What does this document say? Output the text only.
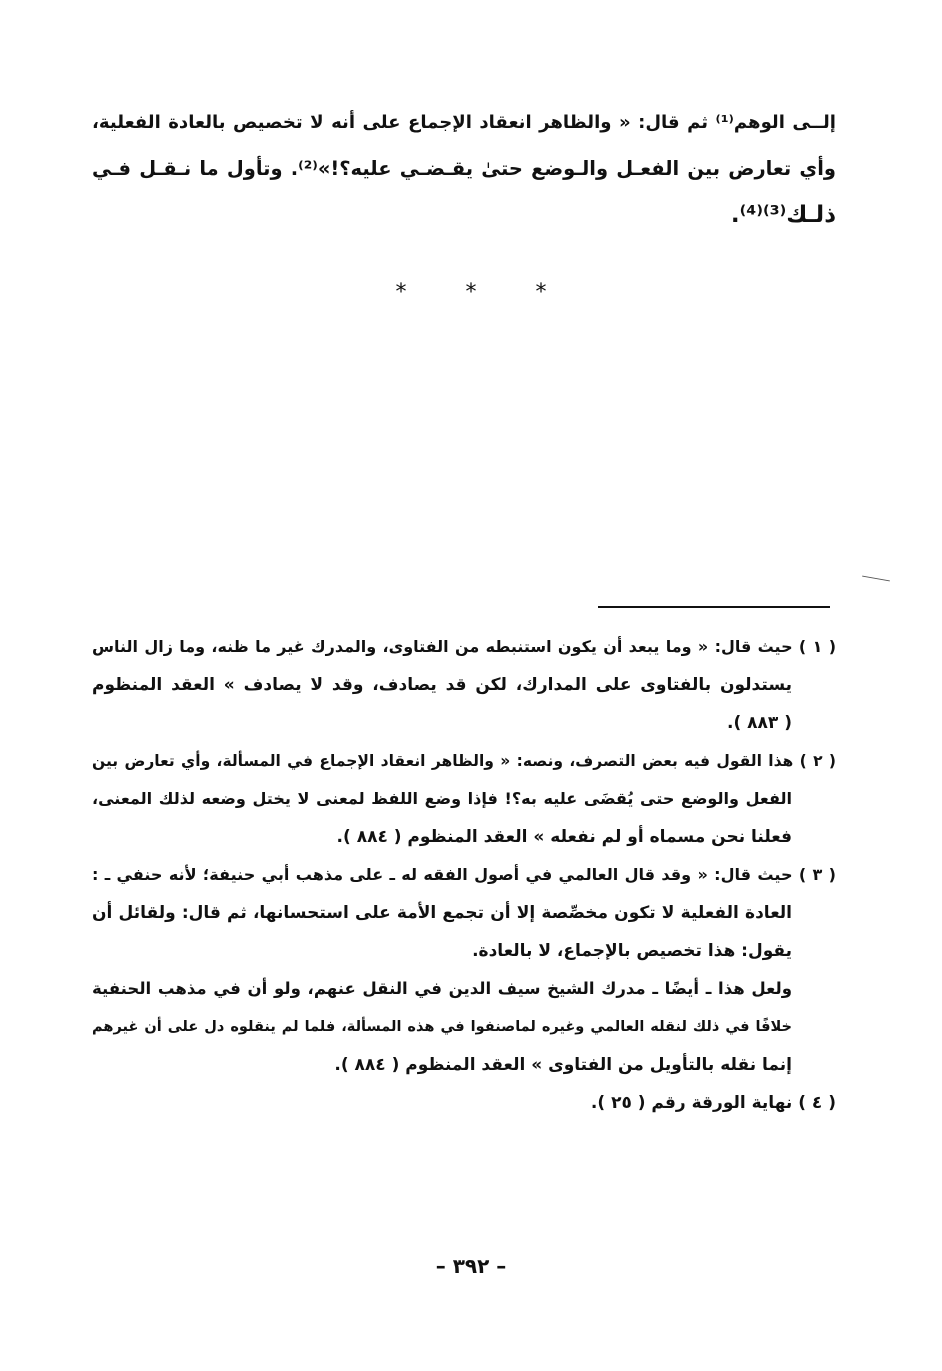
إلــى الوهم⁽¹⁾ ثم قال: « والظاهر انعقاد الإجماع على أنه لا تخصيص بالعادة الفعلية،
وأي تعارض بين الفعـل والـوضع حتىٰ يقـضـي عليه؟!»⁽²⁾. وتأول ما نـقـل فـي
ذلـك⁽³⁾⁽⁴⁾.
*	*	*
( ١ ) حيث قال: « وما يبعد أن يكون استنبطه من الفتاوى، والمدرك غير ما ظنه، وما زال الناس
يستدلون بالفتاوى على المدارك، لكن قد يصادف، وقد لا يصادف » العقد المنظوم
( ٨٨٣ ).
( ٢ ) هذا القول فيه بعض التصرف، ونصه: « والظاهر انعقاد الإجماع في المسألة، وأي تعارض بين
الفعل والوضع حتى يُقضَى عليه به؟! فإذا وضع اللفظ لمعنى لا يختل وضعه لذلك المعنى،
فعلنا نحن مسماه أو لم نفعله » العقد المنظوم ( ٨٨٤ ).
( ٣ ) حيث قال: « وقد قال العالمي في أصول الفقه له ـ على مذهب أبي حنيفة؛ لأنه حنفي ـ :
العادة الفعلية لا تكون مخصِّصة إلا أن تجمع الأمة على استحسانها، ثم قال: ولقائل أن
يقول: هذا تخصيص بالإجماع، لا بالعادة.
ولعل هذا ـ أيضًا ـ مدرك الشيخ سيف الدين في النقل عنهم، ولو أن في مذهب الحنفية
خلافًا في ذلك لنقله العالمي وغيره لماصنفوا في هذه المسألة، فلما لم ينقلوه دل على أن غيرهم
إنما نقله بالتأويل من الفتاوى » العقد المنظوم ( ٨٨٤ ).
( ٤ ) نهاية الورقة رقم ( ٢٥ ).
– ٣٩٢ –
